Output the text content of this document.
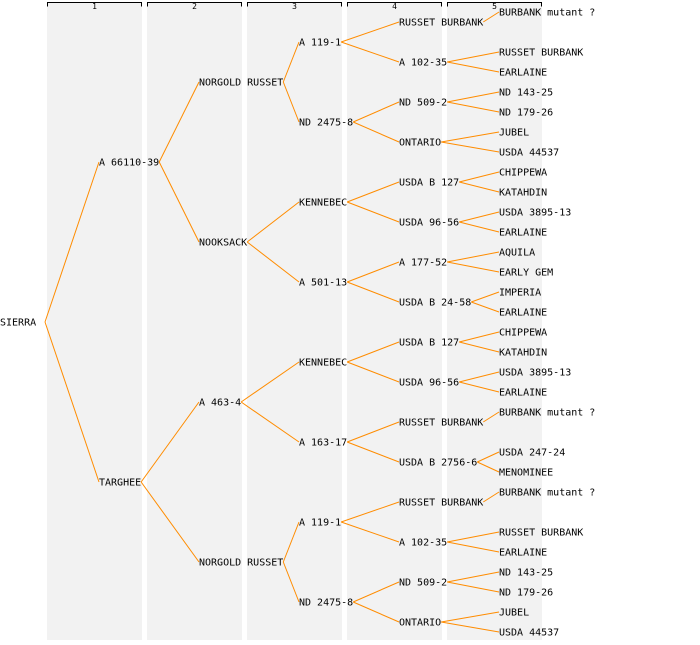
1	2	3	4	5
SIERRA
A 66110-39
NORGOLD RUSSET
A 119-1
RUSSET BURBANK
BURBANK mutant ?
A 102-35
RUSSET BURBANK
EARLAINE
ND 2475-8
ND 509-2
ND 143-25
ND 179-26
ONTARIO
JUBEL
USDA 44537
NOOKSACK
KENNEBEC
USDA B 127
CHIPPEWA
KATAHDIN
USDA 96-56
USDA 3895-13
EARLAINE
A 501-13
A 177-52
AQUILA
EARLY GEM
USDA B 24-58
IMPERIA
EARLAINE
TARGHEE
A 463-4
KENNEBEC
USDA B 127
CHIPPEWA
KATAHDIN
USDA 96-56
USDA 3895-13
EARLAINE
A 163-17
RUSSET BURBANK
BURBANK mutant ?
USDA B 2756-6
USDA 247-24
MENOMINEE
NORGOLD RUSSET
A 119-1
RUSSET BURBANK
BURBANK mutant ?
A 102-35
RUSSET BURBANK
EARLAINE
ND 2475-8
ND 509-2
ND 143-25
ND 179-26
ONTARIO
JUBEL
USDA 44537
